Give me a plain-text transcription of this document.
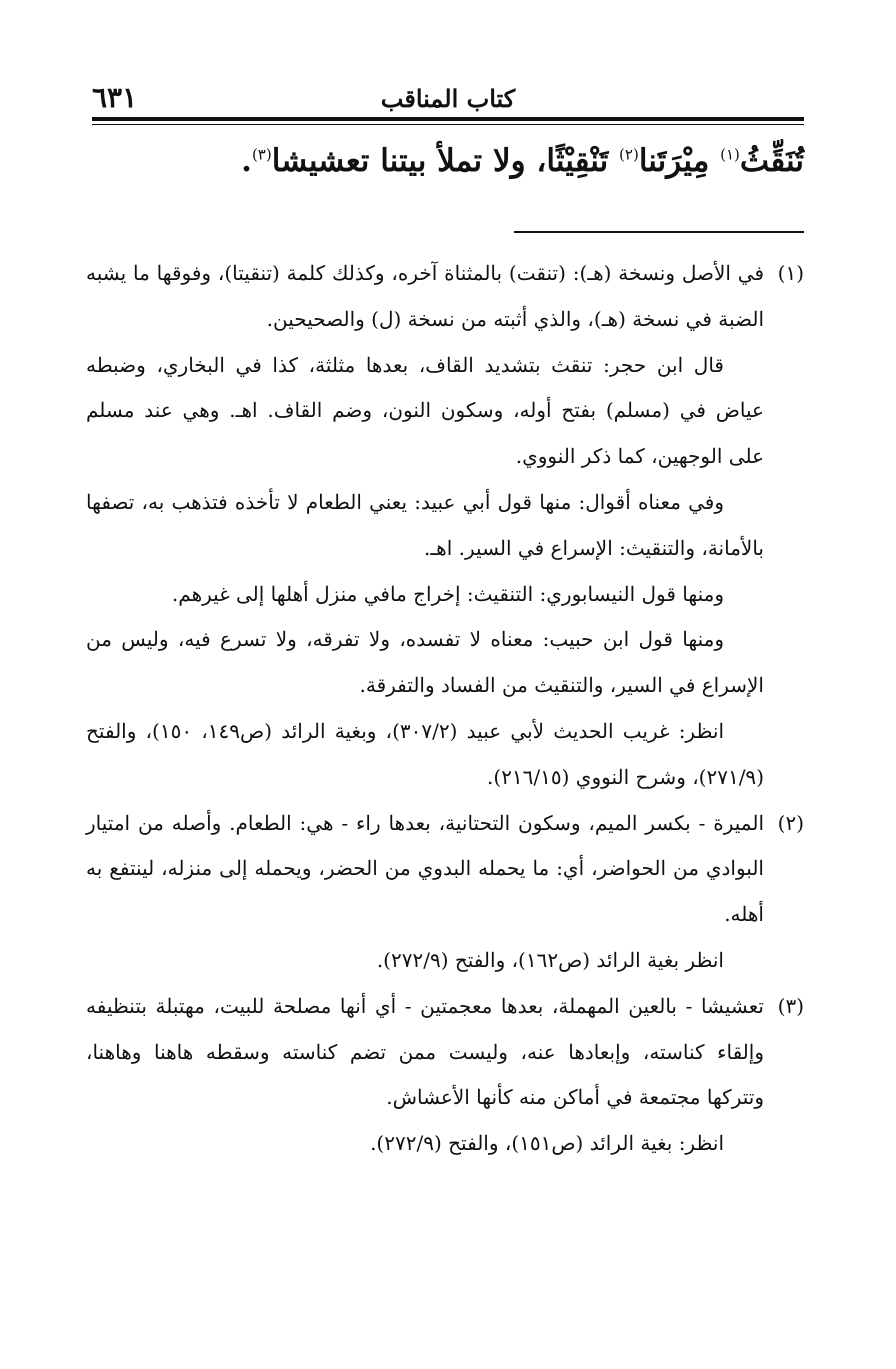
٦٣١	كتاب المناقب
تُنَقِّثُ$^{(١)}$ مِيْرَتَنا$^{(٢)}$ تَنْقِيْثًا، ولا تملأ بيتنا تعشيشا$^{(٣)}$.
(١)

في الأصل ونسخة (هـ): (تنقت) بالمثناة آخره، وكذلك كلمة (تنقيتا)، وفوقها ما يشبه الضبة في نسخة (هـ)، والذي أثبته من نسخة (ل) والصحيحين.

قال ابن حجر: تنقث بتشديد القاف، بعدها مثلثة، كذا في البخاري، وضبطه عياض في (مسلم) بفتح أوله، وسكون النون، وضم القاف. اهـ. وهي عند مسلم على الوجهين، كما ذكر النووي.

وفي معناه أقوال: منها قول أبي عبيد: يعني الطعام لا تأخذه فتذهب به، تصفها بالأمانة، والتنقيث: الإسراع في السير. اهـ.

ومنها قول النيسابوري: التنقيث: إخراج مافي منزل أهلها إلى غيرهم.

ومنها قول ابن حبيب: معناه لا تفسده، ولا تفرقه، ولا تسرع فيه، وليس من الإسراع في السير، والتنقيث من الفساد والتفرقة.

انظر: غريب الحديث لأبي عبيد (٣٠٧/٢)، وبغية الرائد (ص١٤٩، ١٥٠)، والفتح (٢٧١/٩)، وشرح النووي (٢١٦/١٥).

(٢)

الميرة - بكسر الميم، وسكون التحتانية، بعدها راء - هي: الطعام. وأصله من امتيار البوادي من الحواضر، أي: ما يحمله البدوي من الحضر، ويحمله إلى منزله، لينتفع به أهله.

انظر بغية الرائد (ص١٦٢)، والفتح (٢٧٢/٩).

(٣)

تعشيشا - بالعين المهملة، بعدها معجمتين - أي أنها مصلحة للبيت، مهتبلة بتنظيفه وإلقاء كناسته، وإبعادها عنه، وليست ممن تضم كناسته وسقطه هاهنا وهاهنا، وتتركها مجتمعة في أماكن منه كأنها الأعشاش.

انظر: بغية الرائد (ص١٥١)، والفتح (٢٧٢/٩).
